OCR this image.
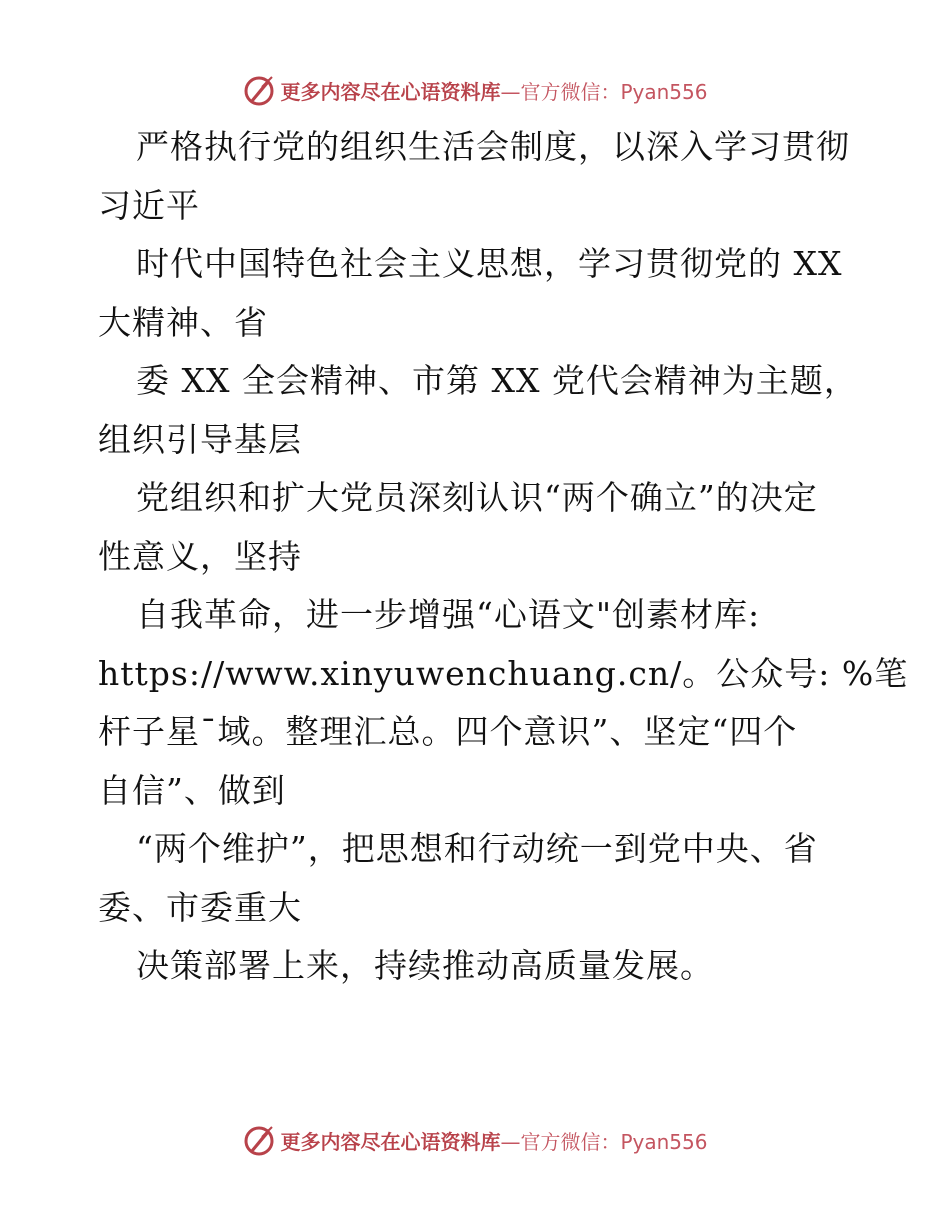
更多内容尽在心语资料库—官方微信：Pyan556
严格执行党的组织生活会制度，以深入学习贯彻
习近平
时代中国特色社会主义思想，学习贯彻党的 XX
大精神、省
委 XX 全会精神、市第 XX 党代会精神为主题，
组织引导基层
党组织和扩大党员深刻认识“两个确立”的决定
性意义，坚持
自我革命，进一步增强“心语文"创素材库:
https://www.xinyuwenchuang.cn/。公众号: %笔
杆子星¯域。整理汇总。四个意识”、坚定“四个
自信”、做到
“两个维护”，把思想和行动统一到党中央、省
委、市委重大
决策部署上来，持续推动高质量发展。
更多内容尽在心语资料库—官方微信：Pyan556
